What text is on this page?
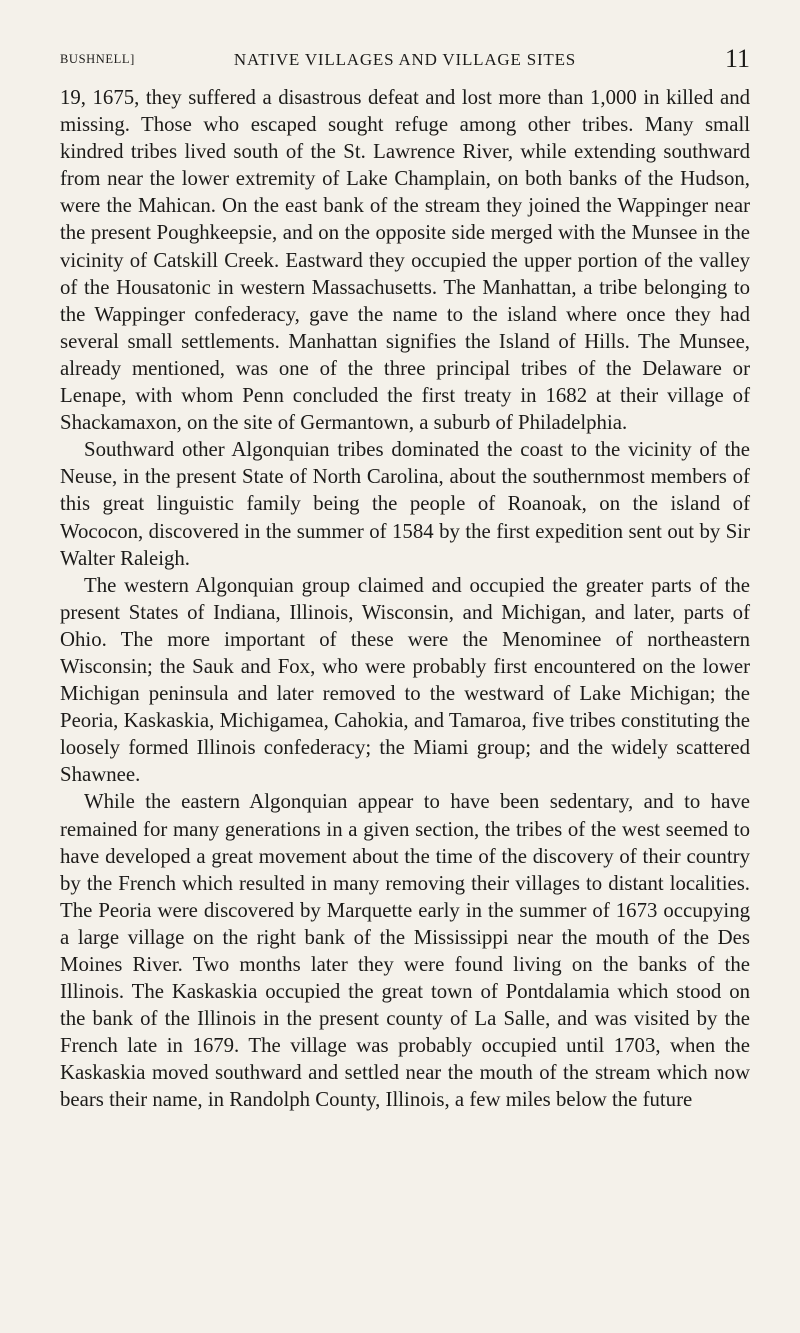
BUSHNELL]	NATIVE VILLAGES AND VILLAGE SITES	11

19, 1675, they suffered a disastrous defeat and lost more than 1,000 in killed and missing. Those who escaped sought refuge among other tribes. Many small kindred tribes lived south of the St. Lawrence River, while extending southward from near the lower extremity of Lake Champlain, on both banks of the Hudson, were the Mahican. On the east bank of the stream they joined the Wappinger near the present Poughkeepsie, and on the opposite side merged with the Munsee in the vicinity of Catskill Creek. Eastward they occupied the upper portion of the valley of the Housatonic in western Massachusetts. The Manhattan, a tribe belonging to the Wappinger confederacy, gave the name to the island where once they had several small settlements. Manhattan signifies the Island of Hills. The Munsee, already mentioned, was one of the three principal tribes of the Delaware or Lenape, with whom Penn concluded the first treaty in 1682 at their village of Shackamaxon, on the site of Germantown, a suburb of Philadelphia.

Southward other Algonquian tribes dominated the coast to the vicinity of the Neuse, in the present State of North Carolina, about the southernmost members of this great linguistic family being the people of Roanoak, on the island of Wococon, discovered in the summer of 1584 by the first expedition sent out by Sir Walter Raleigh.

The western Algonquian group claimed and occupied the greater parts of the present States of Indiana, Illinois, Wisconsin, and Michigan, and later, parts of Ohio. The more important of these were the Menominee of northeastern Wisconsin; the Sauk and Fox, who were probably first encountered on the lower Michigan peninsula and later removed to the westward of Lake Michigan; the Peoria, Kaskaskia, Michigamea, Cahokia, and Tamaroa, five tribes constituting the loosely formed Illinois confederacy; the Miami group; and the widely scattered Shawnee.

While the eastern Algonquian appear to have been sedentary, and to have remained for many generations in a given section, the tribes of the west seemed to have developed a great movement about the time of the discovery of their country by the French which resulted in many removing their villages to distant localities. The Peoria were discovered by Marquette early in the summer of 1673 occupying a large village on the right bank of the Mississippi near the mouth of the Des Moines River. Two months later they were found living on the banks of the Illinois. The Kaskaskia occupied the great town of Pontdalamia which stood on the bank of the Illinois in the present county of La Salle, and was visited by the French late in 1679. The village was probably occupied until 1703, when the Kaskaskia moved southward and settled near the mouth of the stream which now bears their name, in Randolph County, Illinois, a few miles below the future
